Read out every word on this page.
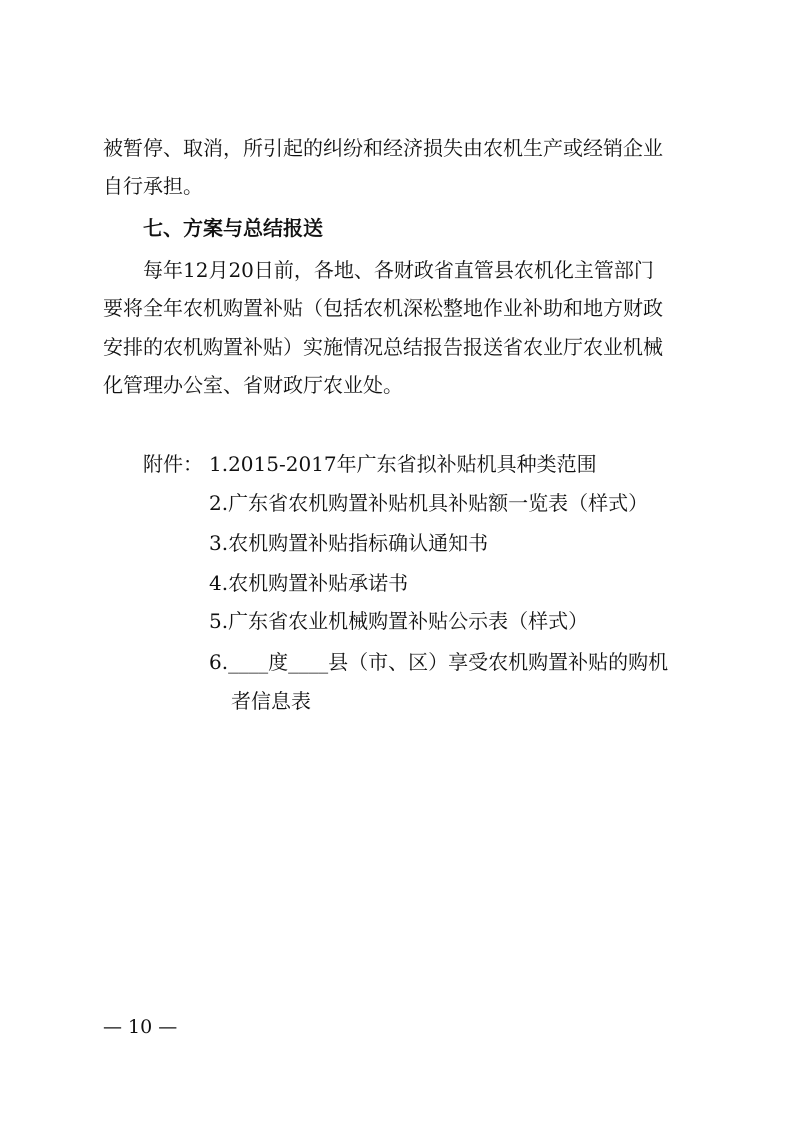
被暂停、取消，所引起的纠纷和经济损失由农机生产或经销企业
自行承担。
七、方案与总结报送
每年12月20日前，各地、各财政省直管县农机化主管部门
要将全年农机购置补贴（包括农机深松整地作业补助和地方财政
安排的农机购置补贴）实施情况总结报告报送省农业厅农业机械
化管理办公室、省财政厅农业处。
附件： 1.2015-2017年广东省拟补贴机具种类范围
2.广东省农机购置补贴机具补贴额一览表（样式）
3.农机购置补贴指标确认通知书
4.农机购置补贴承诺书
5.广东省农业机械购置补贴公示表（样式）
6.____度____县（市、区）享受农机购置补贴的购机
者信息表
— 10 —
